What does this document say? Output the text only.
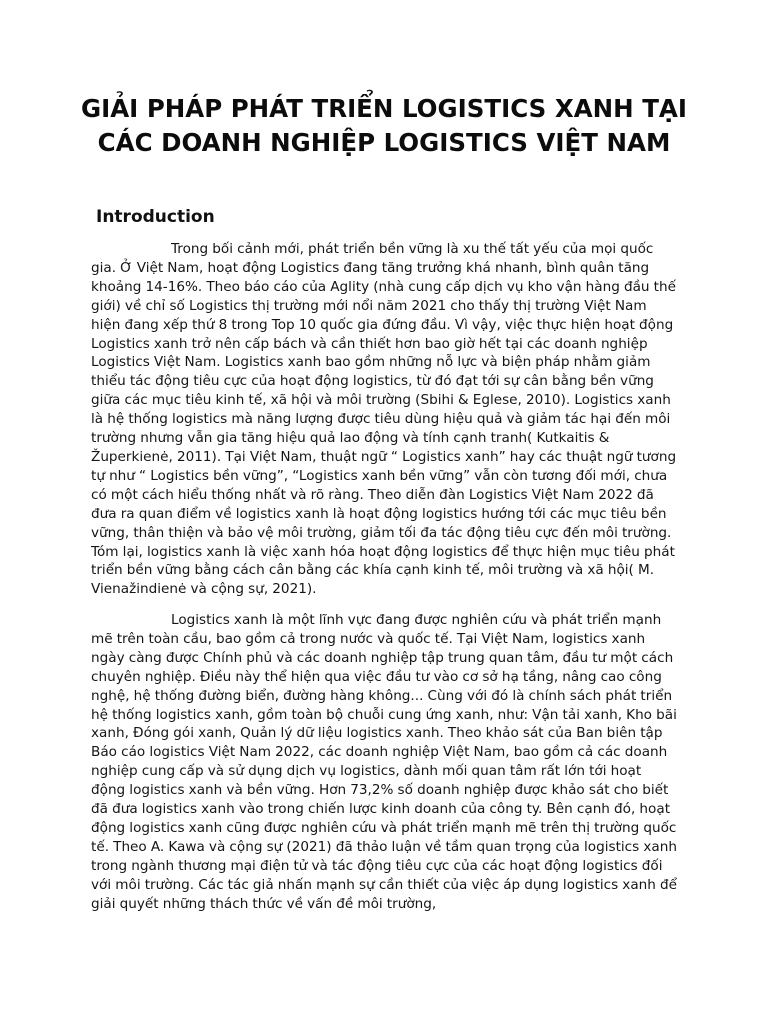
GIẢI PHÁP PHÁT TRIỂN LOGISTICS XANH TẠI CÁC DOANH NGHIỆP LOGISTICS VIỆT NAM
Introduction

Trong bối cảnh mới, phát triển bền vững là xu thế tất yếu của mọi quốc gia. Ở Việt Nam, hoạt động Logistics đang tăng trưởng khá nhanh, bình quân tăng khoảng 14-16%. Theo báo cáo của Aglity (nhà cung cấp dịch vụ kho vận hàng đầu thế giới) về chỉ số Logistics thị trường mới nổi năm 2021 cho thấy thị trường Việt Nam hiện đang xếp thứ 8 trong Top 10 quốc gia đứng đầu. Vì vậy, việc thực hiện hoạt động Logistics xanh trở nên cấp bách và cần thiết hơn bao giờ hết tại các doanh nghiệp Logistics Việt Nam. Logistics xanh bao gồm những nỗ lực và biện pháp nhằm giảm thiểu tác động tiêu cực của hoạt động logistics, từ đó đạt tới sự cân bằng bền vững giữa các mục tiêu kinh tế, xã hội và môi trường (Sbihi & Eglese, 2010). Logistics xanh là hệ thống logistics mà năng lượng được tiêu dùng hiệu quả và giảm tác hại đến môi trường nhưng vẫn gia tăng hiệu quả lao động và tính cạnh tranh( Kutkaitis & Župerkienė, 2011). Tại Việt Nam, thuật ngữ “ Logistics xanh” hay các thuật ngữ tương tự như “ Logistics bền vững”, “Logistics xanh bền vững” vẫn còn tương đối mới, chưa có một cách hiểu thống nhất và rõ ràng. Theo diễn đàn Logistics Việt Nam 2022 đã đưa ra quan điểm về logistics xanh là hoạt động logistics hướng tới các mục tiêu bền vững, thân thiện và bảo vệ môi trường, giảm tối đa tác động tiêu cực đến môi trường. Tóm lại, logistics xanh là việc xanh hóa hoạt động logistics để thực hiện mục tiêu phát triển bền vững bằng cách cân bằng các khía cạnh kinh tế, môi trường và xã hội( M. Vienažindienė và cộng sự, 2021).

Logistics xanh là một lĩnh vực đang được nghiên cứu và phát triển mạnh mẽ trên toàn cầu, bao gồm cả trong nước và quốc tế. Tại Việt Nam, logistics xanh ngày càng được Chính phủ và các doanh nghiệp tập trung quan tâm, đầu tư một cách chuyên nghiệp. Điều này thể hiện qua việc đầu tư vào cơ sở hạ tầng, nâng cao công nghệ, hệ thống đường biển, đường hàng không... Cùng với đó là chính sách phát triển hệ thống logistics xanh, gồm toàn bộ chuỗi cung ứng xanh, như: Vận tải xanh, Kho bãi xanh, Đóng gói xanh, Quản lý dữ liệu logistics xanh. Theo khảo sát của Ban biên tập Báo cáo logistics Việt Nam 2022, các doanh nghiệp Việt Nam, bao gồm cả các doanh nghiệp cung cấp và sử dụng dịch vụ logistics, dành mối quan tâm rất lớn tới hoạt động logistics xanh và bền vững. Hơn 73,2% số doanh nghiệp được khảo sát cho biết đã đưa logistics xanh vào trong chiến lược kinh doanh của công ty. Bên cạnh đó, hoạt động logistics xanh cũng được nghiên cứu và phát triển mạnh mẽ trên thị trường quốc tế. Theo A. Kawa và cộng sự (2021) đã thảo luận về tầm quan trọng của logistics xanh trong ngành thương mại điện tử và tác động tiêu cực của các hoạt động logistics đối với môi trường. Các tác giả nhấn mạnh sự cần thiết của việc áp dụng logistics xanh để giải quyết những thách thức về vấn đề môi trường,
